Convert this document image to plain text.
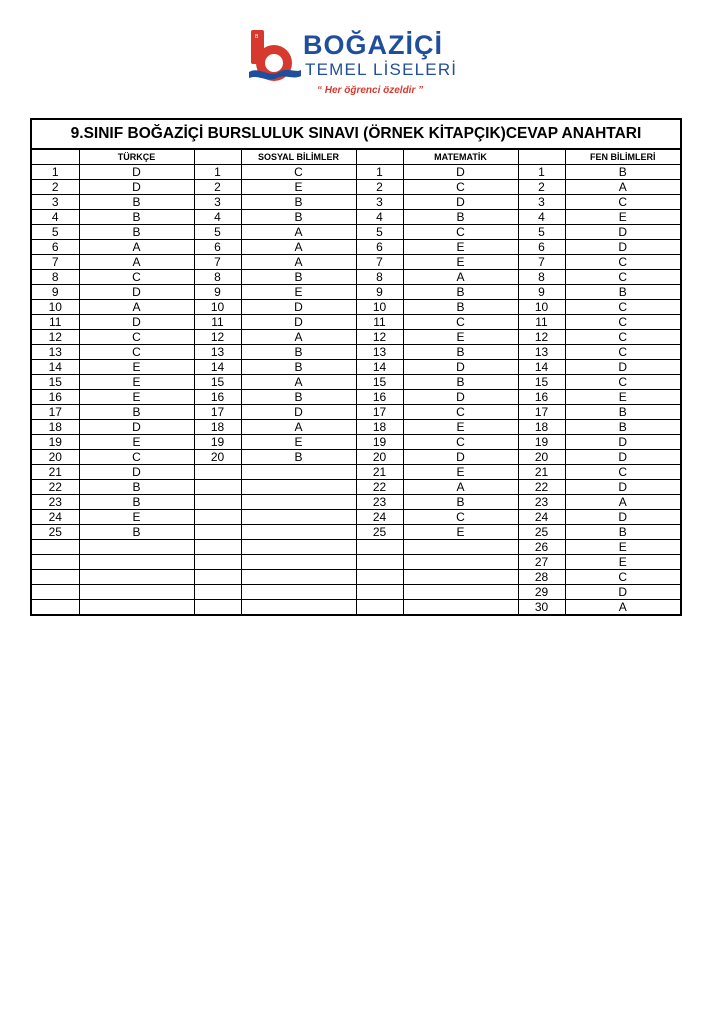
B BOĞAZİÇİ
TEMEL LİSELERİ
“ Her öğrenci özeldir ”
9.SINIF BOĞAZİÇİ BURSLULUK SINAVI (ÖRNEK KİTAPÇIK)CEVAP ANAHTARI
	TÜRKÇE		SOSYAL BİLİMLER		MATEMATİK		FEN BİLİMLERİ
1	D	1	C	1	D	1	B
2	D	2	E	2	C	2	A
3	B	3	B	3	D	3	C
4	B	4	B	4	B	4	E
5	B	5	A	5	C	5	D
6	A	6	A	6	E	6	D
7	A	7	A	7	E	7	C
8	C	8	B	8	A	8	C
9	D	9	E	9	B	9	B
10	A	10	D	10	B	10	C
11	D	11	D	11	C	11	C
12	C	12	A	12	E	12	C
13	C	13	B	13	B	13	C
14	E	14	B	14	D	14	D
15	E	15	A	15	B	15	C
16	E	16	B	16	D	16	E
17	B	17	D	17	C	17	B
18	D	18	A	18	E	18	B
19	E	19	E	19	C	19	D
20	C	20	B	20	D	20	D
21	D			21	E	21	C
22	B			22	A	22	D
23	B			23	B	23	A
24	E			24	C	24	D
25	B			25	E	25	B
						26	E
						27	E
						28	C
						29	D
						30	A
